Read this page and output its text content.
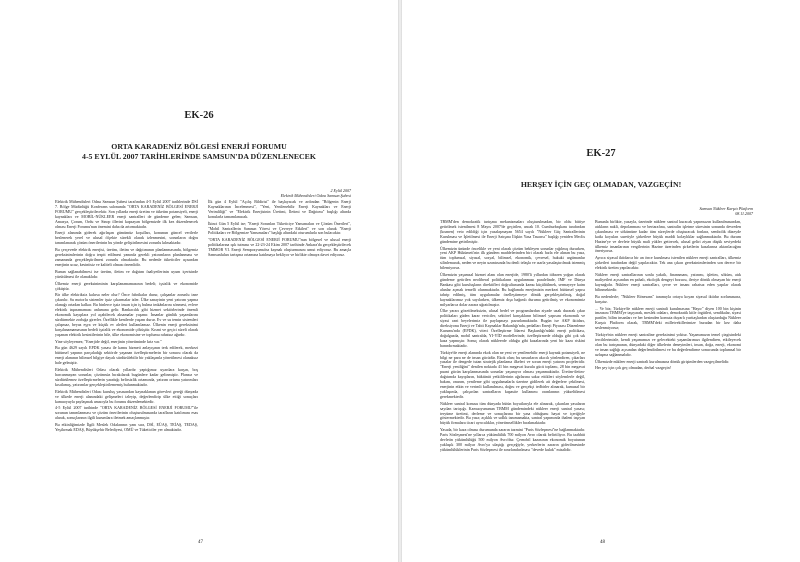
EK-26
ORTA KARADENİZ BÖLGESİ ENERJİ FORUMU
4-5 EYLÜL 2007 TARİHLERİNDE SAMSUN'DA DÜZENLENECEK
2 Eylül 2007
Elektrik Mühendisleri Odası Samsun Şubesi

Elektrik Mühendisleri Odası Samsun Şubesi tarafından 4-5 Eylül 2007 tarihlerinde DSİ 7. Bölge Müdürlüğü Konferans salonunda "ORTA KARADENİZ BÖLGESİ ENERJİ FORUMU" gerçekleştirilecektir. Son yıllarda enerji üretim ve tüketim potansiyeli, enerji kaynakları ve MOBİL-NÜKLEER enerji santralleri de gündeme gelen; Samsun, Amasya, Çorum, Ordu ve Sinop illerini kapsayan bölgemizde ilk kez düzenlenecek olması Enerji Forumu'nun önemini daha da artırmaktadır.

Enerji alanında giderek ağırlaşan gümümüz koşulları, konunun güncel verilerle beslenerek yerel ve ulusal ölçekte sürekli olarak izlenmesini, sorunların doğru tanımlanarak çözüm önerilerinin bu yönde geliştirilmesini zorunlu kılmaktadır.

Bu çerçevede elektrik enerjisi, üretim, iletim ve dağıtımının planlanmasında, bölgemiz gereksinimlerinin doğru tespit edilmesi yanında gerekli yatırımların planlanması ve zamanında gerçekleştirilmesi zorunlu olmaktadır. Bu nedenle tüketiciler açısından enerjinin ucuz, kesintisiz ve kaliteli olması önemlidir.

Bunun sağlanabilmesi ise üretim, iletim ve dağıtım faaliyetlerinin uyum içerisinde yürütülmesi ile olanaklıdır.

Ülkemiz enerji gereksiniminin karşılanamamasının bedeli; işsizlik ve ekonomide çöküştür.

Bir ülke elektriksiz kalırsa neler olur? Önce fabrikalar durur, çalışanlar zorunlu izne çıkarılır. Su motorlu sistemler işsiz çıkarmalar izler. Ülke sanayinin yeni yatırım yapma olanağı ortadan kalkar. Bu binlerce işsiz insan için iş bulma imkânlarını sönmesi, evlere elektrik taşınamaması anlamına gelir. Bankacılık gibi hizmet sektörlerinde önemli ekonomik kayıplara yol açabilecek aksamalar yaşanır. İnsanlar günlük yaşamlarını sürdürmekte zorluğa girerler. Özellikle kentlerde yaşam durur. Ev ve su temin sistemleri çalışmaz, beyaz eşya ve küçük ev aletleri kullanılamaz. Ülkenin enerji gereksinimi karşılanamamasının bedeli işsizlik ve ekonomide çöküştür. Kısmi ve geçici süreli olarak yaşanan elektrik kesintilerinin bile, ülke ekonomisine ve toplumu rahatsız ağırdır.

Yine söyleyemez; "Enerjide değil, enerjinin yönetiminde kriz var."

Bu gün 4629 sayılı EPDK yasası ile kamu hizmeti anlayışının terk edilerek, merkezi bütünsel yapının parçaladığı sektörde yaşanan özelleştirmelerin bir sonucu olarak da enerji alanının bilimsel bilgiye dayalı sürdürülebilir bir yaklaşımla yönetilmesi olanaksız hale gelmiştir.

Elektrik Mühendisleri Odası olarak yıllardır yaptığımız uyarılara karşın, boş harcanmayan sorunlar, çözümsüz bırakılarak bugünlere kadar gelinmiştir. Plansız ve sürdürülemez özelleştirmelerin yarattığı belirsizlik ortamında, yatırım ortamı yatırımları kısıtlamış, yatırımlar gerçekleştirilememiş bulunmaktadır.

Elektrik Mühendisleri Odası kuruluş yasasından kaynaklanan görevleri gereği dünyada ve ülkede enerji alanındaki gelişmeleri izleyip, değerlendirip ülke ettiği sonuçları kamuoyuyla paylaşmak amacıyla bu forumu düzenlemektedir.

4-5 Eylül 2007 tarihinde "ORTA KARADENİZ BÖLGESİ ENERJİ FORUMU"'ile sorunun tanımlanması ve çözüm önerilerinin oluşturulmasında tarafların katılımını esas alarak, sonuçlarının ilgili kurumlara iletmek amaçlanmıştır.

Bu etkinliğimizde İlgili Meslek Odalarının yanı sıra, DSİ, EÜAŞ, TEİAŞ, TEDAŞ, Yeşilırmak EDAŞ, Büyükşehir Belediyesi, OMÜ ve Tüketiciler yer almaktadır.

İlk gün 4 Eylül "Açılış Bildirisi" ile başlayacak ve ardından "Bölgenin Enerji Kaynaklarının İncelenmesi", "Yeni, Yenilenebilir Enerji Kaynakları ve Enerji Verimliliği" ve "Elektrik Enerjisinin Üretimi, İletimi ve Dağıtımı" başlığı altında konularla tamamlanacak.

İkinci Gün 5 Eylül ise; "Enerji Sorunları Tüketiciye Yansımaları ve Çözüm Önerileri", "Mobil Santrallerin Samsun Yöresi ve Çevreye Etkileri" ve son olarak "Enerji Politikaları ve Bölgemize Yansımaları" başlığı altındaki oturumlarla son bulacaktır.

"ORTA KARADENİZ BÖLGESİ ENERJİ FORUMU"nun bölgesel ve ulusal enerji politikalarına ışık tutması ve 22-23-24 Ekim 2007 tarihinde Ankara'da gerçekleştirilecek TMMOB VI. Enerji Sempozyumu'na kaynak oluşturmasını umut ediyoruz. Bu amaçla Samsunluları tartışma ortamına katılmaya bekliyor ve birlikte olmaya davet ediyoruz.

47
EK-27
HERŞEY İÇİN GEÇ OLMADAN, VAZGEÇİN!
Samsun Nükleer Karşıtı Platform
08.11.2007

TBMM'den demokratik tartışma mekanizmaları oluşturulmadan, bir oldu bittiye getirilmek istenilmesi 8 Mayıs 2007'de geçirilen, ancak 10. Cumhurbaşkanı tarafından (kısmen) veto edildiği için yasalaşmayan 5654 sayılı "Nükleer Güç Santrallerinin Kurulması ve İşletilmesi ile Enerji Satışına İlişkin Yasa Tasarısı" başlığı yeniden Meclis gündemine getirilmiştir.

Ülkemizin ününde öncelikle ve yeni olarak çözüm bekleyen sorunlar yığılmış dururken, yeni AKP Hükümeti'nin ilk gündem maddelerinden biri olarak hızla ele alınan bu yasa, tüm toplumsal, siyasal, sosyal, bilimsel, ekonomik, çevresel, hukuki argümanlar silinlemarak, neden ve neyin uzantısında bu denli telaşla ve ısarla yasalaştırılmak istenmiş bilemiyoruz.

Ülkemizin yaşamsal hizmet alanı olan enerjide, 1980'li yıllardan itibaren yoğun olarak gündeme getirilen neoliberal politikaların uygulanması paralelinde, IMF ve Dünya Bankası gibi kuruluşların direktifleri doğrultusunda kamu küçültülmek, sermayeye kaim alanlar açmak temelli olunmaktadır. Bu bağlamda enerjimizin merkezi bütünsel yapısı tahrip edilmiş, tüm uygulamalar özelleştirmeye dönük gerçekleştirilmiş, doğal kaynaklarımız yok sayılarken, ülkemiz dışa bağımlı duruma getirilmiş ve ekonomimiz milyarlarca dolar zarara uğratılmıştır.

Ülke yararı gözetilmeksizin, ulusal bedel ve programlardan ziyade uzak durarak çıkar politikaları güden karar vericiler, sektörel karışıkların bilimsel yapısını ekonomik ve siyasi rant beyelerimiz ile paylaşmayı pazarlamaktadır. Bugün ise AKP iktidarı, direksiyonu Enerji ve Tabii Kaynaklar Bakanlığı'nda, pedalları Enerji Piyasası Düzenleme Kurumu'nda (EPDK), viteci Özelleştirme İdaresi Başkanlığı'ndaki enerji politikası, doğalgazda, mobil santralda, YI-YİD modellerinde, özelleştirmede olduğu gibi çok sık kaza yapmıştır. Sonuç olarak nükleerde olduğu gibi kazalarında yeni bir kaza riskini barındırmaktadır.

Türkiye'de enerji alanında ekok olan ne yeni ve yenilenebilir enerji kaynak potansiyeli, ne bilgi ne para ne de insan gücüdür. Ekok olan; bu unsurların akıcılı yönlendiren, çıkarları yasalar ile dengede tutan stratejik planlama ilkeleri ve sorun enerji yatırım projeleridir. "Enerji yeniliğini" denilen noktada 41 bin megavat kurulu gücü toplamı, 28 bin megavat puant gücün karşılanmasında sorunlar yaşanıyor olması yaşanmaktadır. Üretim-iletim-dağıtımda kayıpların, büktünüt yetkililerinin ağzlarına sakız ettikleri söylemlerle değil, bakım, onarım, yenileme gibi uygulamalarla üzerine gidilerek ait değerlere çekilmesi, enerjinin etkin ve verimli kullanılması, doğru ve gerçekçi tedbirler alınarak, kamusal bir yaklaşımla, çalışırılan santralların kapasite kullanımı oranlarının yükseltilmesi gerekmektedir.

Nükleer santral konusu tüm dünyada bütün boyutlarıyla ele alınarak, çıkarılan yasaların sayılan tartışığı. Kamuoyununun TBMM gündemindeki nükleer enerji santral yasası; teryüme üretimi, derleme ve sonuçlarına bir yasa olduğunu hayat ve içeriğiyle göstermektedir. Bu yasa; açıklık ve sıdlık tanımamakta, santral yapımında ihaleni taşıyan büyük firmalara ticari ayrıcalıklar, yönetimsellikler bırakmaktadır.

Yasada, bir kaza olması durumunda zararın tazmini "Paris Sözleşmesi"ne bağlanmaktadır. Paris Sözleşmesi'ne yıllarca yükümlülük 700 milyon Avro olarak belirtiliyor. Bu taahhüt devletin yükümlülüğü 500 milyon Avro'dur. Çernobil kazasının ekonomik boyutunun yaklaşık 300 milyar Avro'ya ulaştığı gerçeğiyle, yerkerlerin zararın giderilmesinde yükümlülüklerinin Paris Sözleşmesi ile sınırlandırılması "devede kulak" misalidir.

Bununla birlikte, yasayla, üzerinde nükleer santral kuracak yapımsızın kullanılmasından, atıkların nakli, depolanması ve bertarafına, santralin işletme süresinin sonunda devreden çıkarılması ve sökümüne kadar tüm süreçlerde oluşturacak fonlara, sembolik düzeyde katkı koyuları suretiyle şirketlere büyük maddi kolaylıklar sağlanmaktadır. Bu durum Hazine'ye ve devlete büyük mali yükler getirecek, ulusal geliri ziyan düşük seviyedeki ülkemiz insanlarının vergilerinin Hazine üzerinden şirketlerin kasalarına aktarılacağını öneriyoruz.

Ayrıca siyasal iktidarca bir an önce kurulması istenilen nükleer enerji santralları, ülkemiz şirketleri tarafından değil yapılacaktır. Tek ana çıkarı gereksinimlerinden son derece bir elektrik üretim yapılacaktır.

Nükleer enerji santrallarının sonlu yakıtlı, finansmanı, yatırımı, işletim, söküm, atık maliyetleri açısından en pahalı, ekolojik dengeyi bozucu, ileriye dönük olmayan bir enerji kaynağıdır. Nükleer enerji santralları, çevre ve insanı rahatsız eden yapılar olarak bilinmektedir.

Bu nedenlerle; "Nükleer Rönesans" tanımıyla ortaya koyan siyasal iktidar zorlamasına, karşıtız.

... Ve biz; Türkiye'de nükleer enerji santrali kurulmasına "Hayır" diyen 100 bin kişinin imzasını TBMM'ye taşıyarak, meslek odaları, demokratik kitle örgütleri, sendikalar, siyasi partiler, bilim insanları ve her kesimden komuta duyarlı yurttaşlardan oluşturduğu Nükleer Karşıtı Platform olarak, TBMM'deki milletvekillerimize buradan bir kez daha seslenmiyoruz;

Türkiye'nin nükleer enerji santraline gereksinimi yoktur. Yaşamımızın temel çizgisindeki tercihlerimizle, kendi yaşamımızı ve gelecekteki yaşamlarımızı ilgilendiren, etkileyecek olan bu tartışmanın, dünyadaki diğer ülkelerin deneyimleri, insan, doğa, enerji, ekonomi ve insan sağlığı açısından değerlendirilmesi ve bu değerlendirme sonucunda toplumsal bir uzlaşma sağlanmalıdır.

Ülkemizde nükleer enerji santrali kurulmasına dönük girişimlerden vazgeçilmelidir.

Her şey için çok geç olmadan, derhal vazgeçin!

48
